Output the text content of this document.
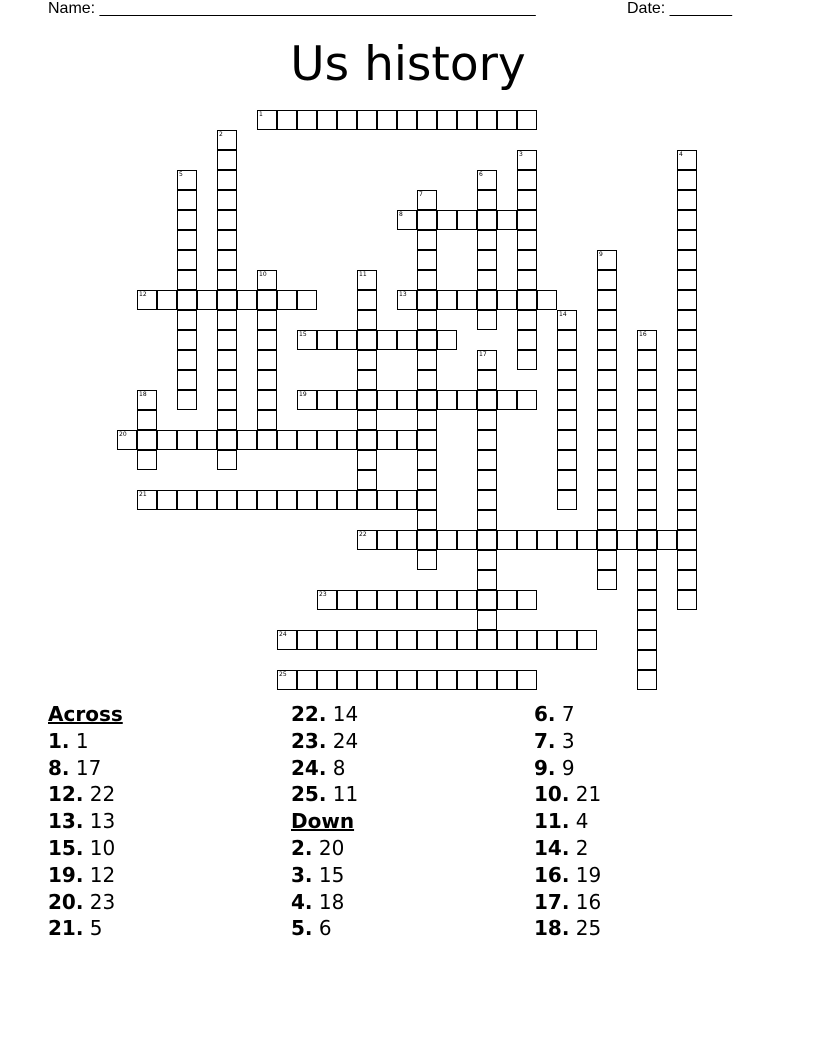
Name: _________________________________________________	Date: _______
Us history
1
2
3	4
5	6
7
8
9
10	11
12	13
14
15	16
17
18	19
20
21
22
23
24
25
Across
1. 1
8. 17
12. 22
13. 13
15. 10
19. 12
20. 23
21. 5
22. 14
23. 24
24. 8
25. 11
Down
2. 20
3. 15
4. 18
5. 6
6. 7
7. 3
9. 9
10. 21
11. 4
14. 2
16. 19
17. 16
18. 25
